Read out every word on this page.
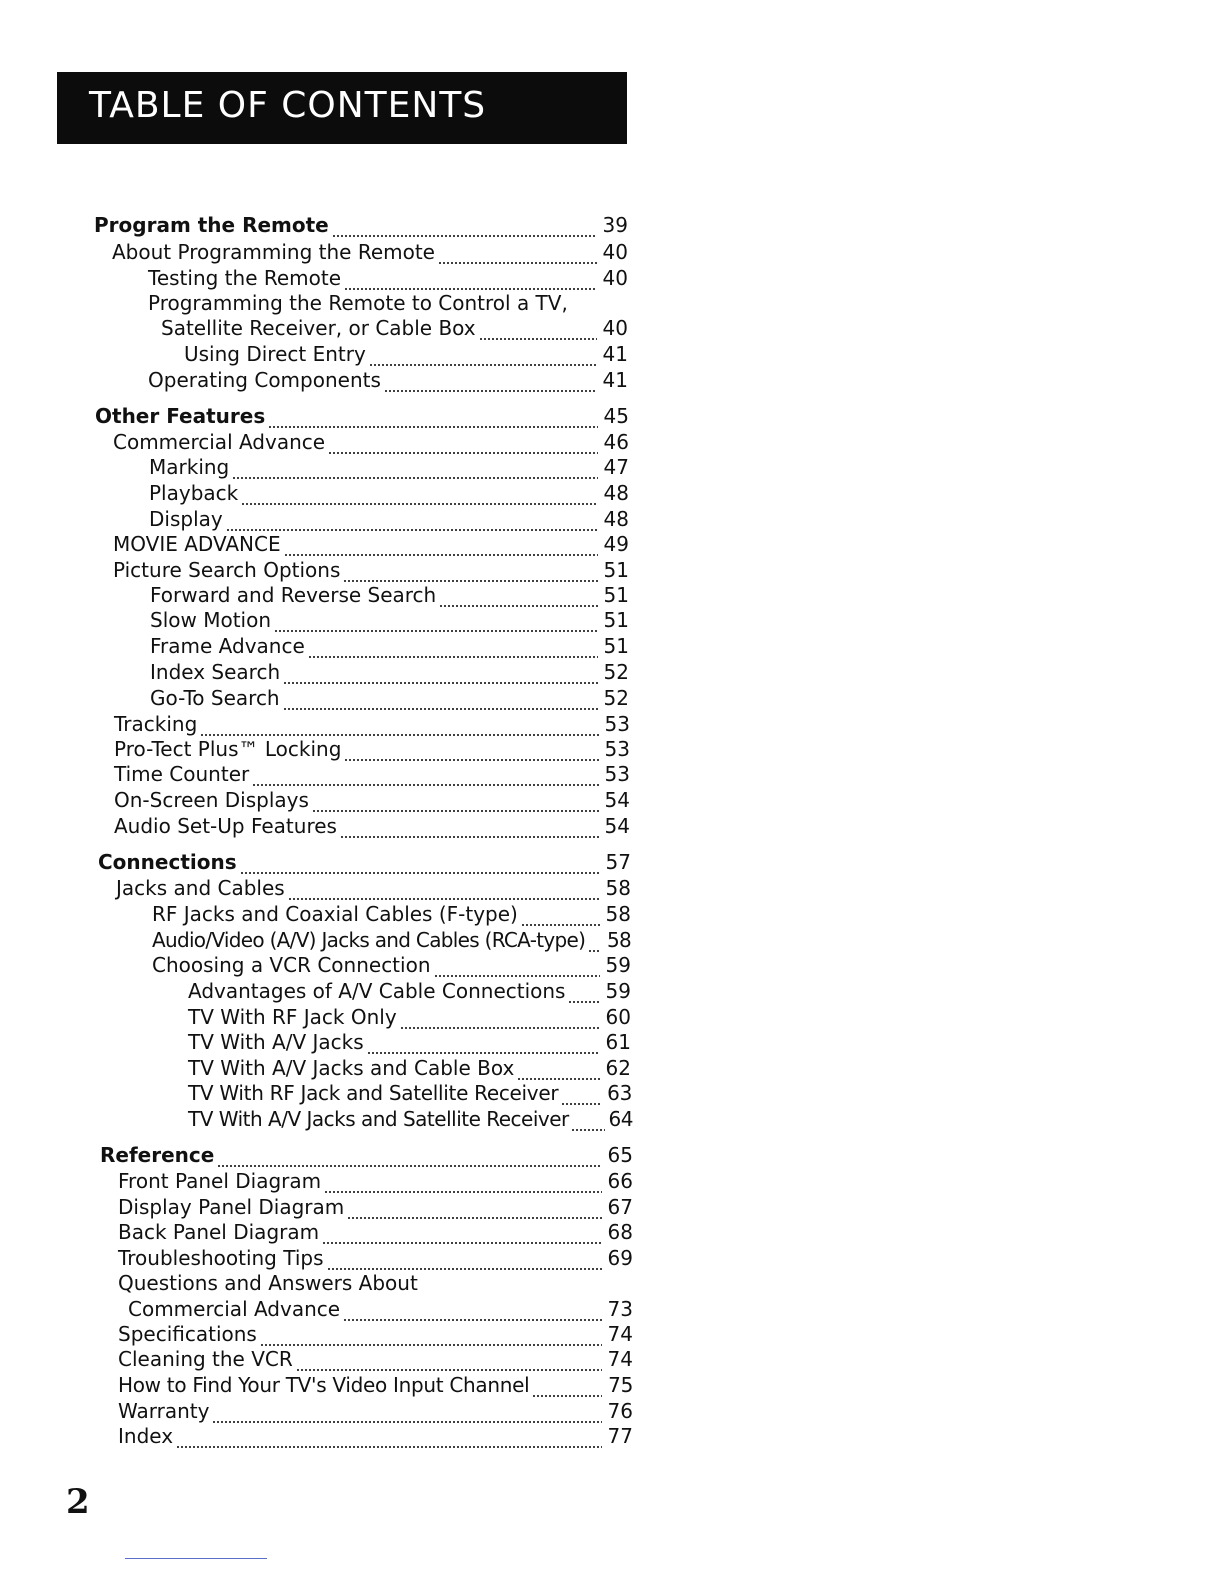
TABLE OF CONTENTS
Program the Remote	39
About Programming the Remote	40
Testing the Remote	40
Programming the Remote to Control a TV,
Satellite Receiver, or Cable Box	40
Using Direct Entry	41
Operating Components	41
Other Features	45
Commercial Advance	46
Marking	47
Playback	48
Display	48
MOVIE ADVANCE	49
Picture Search Options	51
Forward and Reverse Search	51
Slow Motion	51
Frame Advance	51
Index Search	52
Go-To Search	52
Tracking	53
Pro-Tect Plus™ Locking	53
Time Counter	53
On-Screen Displays	54
Audio Set-Up Features	54
Connections	57
Jacks and Cables	58
RF Jacks and Coaxial Cables (F-type)	58
Audio/Video (A/V) Jacks and Cables (RCA-type) 58
Choosing a VCR Connection	59
Advantages of A/V Cable Connections 59
TV With RF Jack Only	60
TV With A/V Jacks	61
TV With A/V Jacks and Cable Box	62
TV With RF Jack and Satellite Receiver 63
TV With A/V Jacks and Satellite Receiver 64
Reference	65
Front Panel Diagram	66
Display Panel Diagram	67
Back Panel Diagram	68
Troubleshooting Tips	69
Questions and Answers About
Commercial Advance	73
Specifications	74
Cleaning the VCR	74
How to Find Your TV's Video Input Channel	75
Warranty	76
Index	77
2
